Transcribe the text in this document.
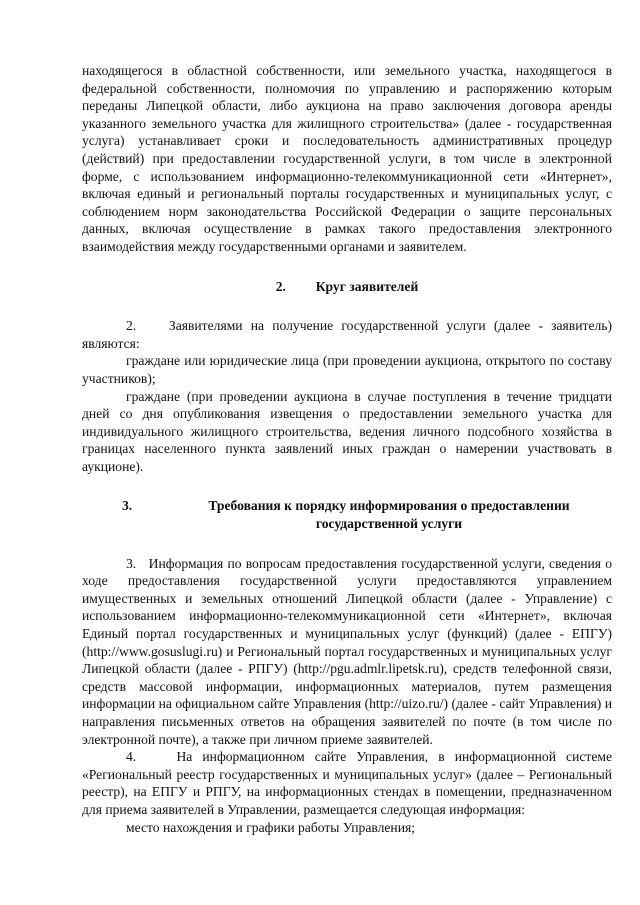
находящегося в областной собственности, или земельного участка, находящегося в федеральной собственности, полномочия по управлению и распоряжению которым переданы Липецкой области, либо аукциона на право заключения договора аренды указанного земельного участка для жилищного строительства» (далее - государственная услуга) устанавливает сроки и последовательность административных процедур (действий) при предоставлении государственной услуги, в том числе в электронной форме, с использованием информационно-телекоммуникационной сети «Интернет», включая единый и региональный порталы государственных и муниципальных услуг, с соблюдением норм законодательства Российской Федерации о защите персональных данных, включая осуществление в рамках такого предоставления электронного взаимодействия между государственными органами и заявителем.

2. Круг заявителей

2.    Заявителями на получение государственной услуги (далее - заявитель) являются:

граждане или юридические лица (при проведении аукциона, открытого по составу участников);

граждане (при проведении аукциона в случае поступления в течение тридцати дней со дня опубликования извещения о предоставлении земельного участка для индивидуального жилищного строительства, ведения личного подсобного хозяйства в границах населенного пункта заявлений иных граждан о намерении участвовать в аукционе).

3.	Требования к порядку информирования о предоставлении государственной услуги

3.   Информация по вопросам предоставления государственной услуги, сведения о ходе предоставления государственной услуги предоставляются управлением имущественных и земельных отношений Липецкой области (далее - Управление) с использованием информационно-телекоммуникационной сети «Интернет», включая Единый портал государственных и муниципальных услуг (функций) (далее - ЕПГУ) (http://www.gosuslugi.ru) и Региональный портал государственных и муниципальных услуг Липецкой области (далее - РПГУ) (http://pgu.admlr.lipetsk.ru), средств телефонной связи, средств массовой информации, информационных материалов, путем размещения информации на официальном сайте Управления (http://uizo.ru/) (далее - сайт Управления) и направления письменных ответов на обращения заявителей по почте (в том числе по электронной почте), а также при личном приеме заявителей.

4.    На информационном сайте Управления, в информационной системе «Региональный реестр государственных и муниципальных услуг» (далее – Региональный реестр), на ЕПГУ и РПГУ, на информационных стендах в помещении, предназначенном для приема заявителей в Управлении, размещается следующая информация:

место нахождения и графики работы Управления;
